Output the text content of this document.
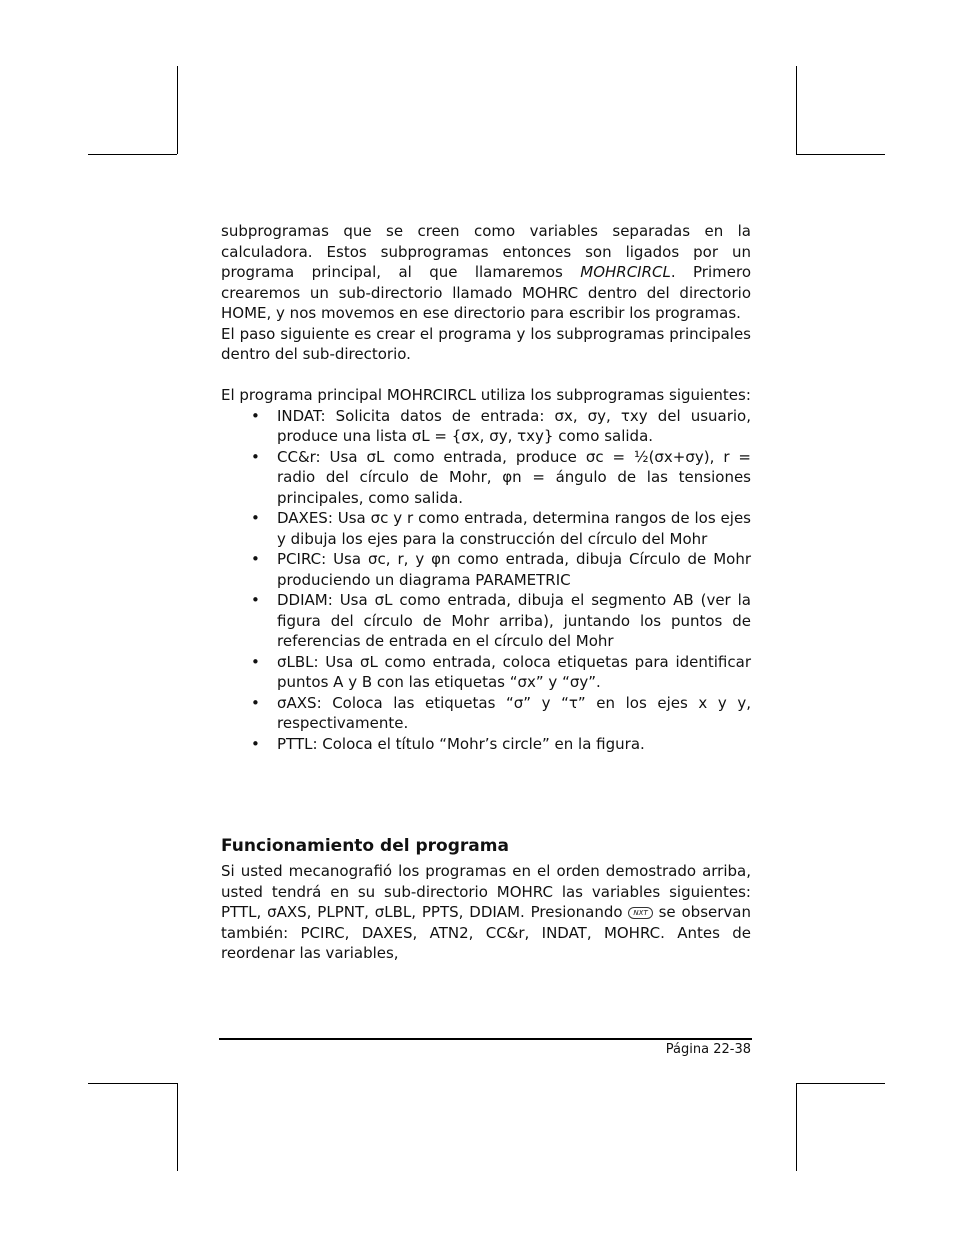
subprogramas que se creen como variables separadas en la calculadora. Estos subprogramas entonces son ligados por un programa principal, al que llamaremos MOHRCIRCL. Primero crearemos un sub-directorio llamado MOHRC dentro del directorio HOME, y nos movemos en ese directorio para escribir los programas.

El paso siguiente es crear el programa y los subprogramas principales dentro del sub-directorio.

El programa principal MOHRCIRCL utiliza los subprogramas siguientes:

• INDAT: Solicita datos de entrada: σx, σy, τxy del usuario, produce una lista σL = {σx, σy, τxy} como salida.
• CC&r: Usa σL como entrada, produce σc = ½(σx+σy), r = radio del círculo de Mohr, φn = ángulo de las tensiones principales, como salida.
• DAXES: Usa σc y r como entrada, determina rangos de los ejes y dibuja los ejes para la construcción del círculo del Mohr
• PCIRC: Usa σc, r, y φn como entrada, dibuja Círculo de Mohr produciendo un diagrama PARAMETRIC
• DDIAM: Usa σL como entrada, dibuja el segmento AB (ver la figura del círculo de Mohr arriba), juntando los puntos de referencias de entrada en el círculo del Mohr
• σLBL: Usa σL como entrada, coloca etiquetas para identificar puntos A y B con las etiquetas “σx” y “σy”.
• σAXS: Coloca las etiquetas “σ” y “τ” en los ejes x y y, respectivamente.
• PTTL: Coloca el título “Mohr’s circle” en la figura.
Funcionamiento del programa

Si usted mecanografió los programas en el orden demostrado arriba, usted tendrá en su sub-directorio MOHRC las variables siguientes: PTTL, σAXS, PLPNT, σLBL, PPTS, DDIAM. Presionando NXT se observan también: PCIRC, DAXES, ATN2, CC&r, INDAT, MOHRC. Antes de reordenar las variables,

Página 22-38
